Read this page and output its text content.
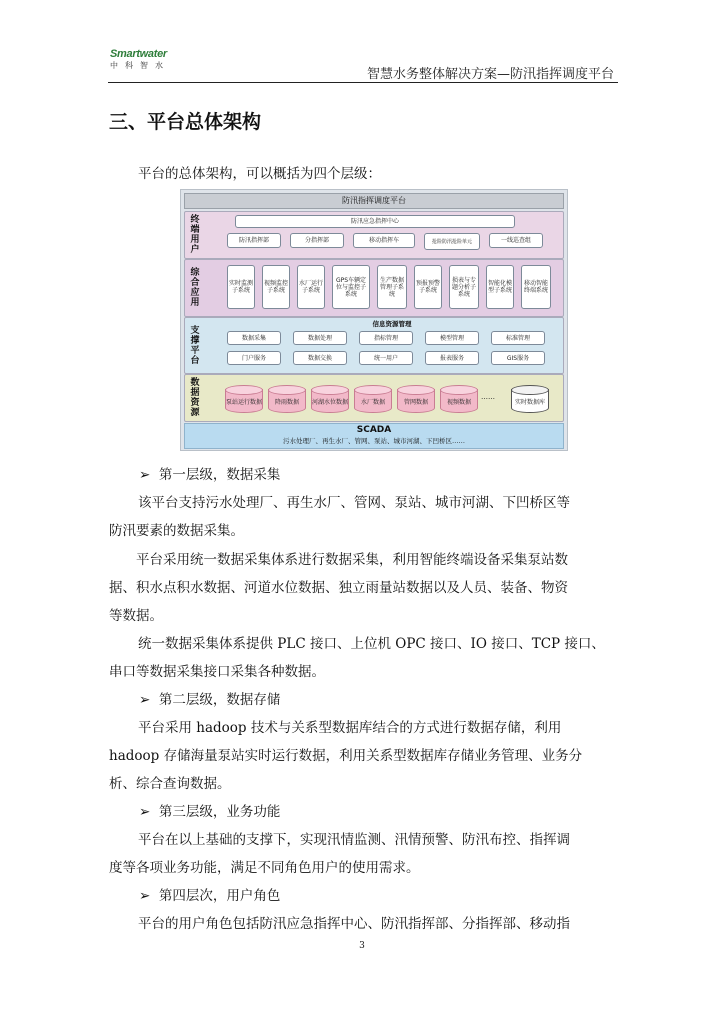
Smartwater
中科智水
智慧水务整体解决方案—防汛指挥调度平台
三、平台总体架构
平台的总体架构，可以概括为四个层级：
防汛指挥调度平台
终
端
用
户
防汛应急指挥中心
防汛指挥部	分指挥部	移动指挥车	抢险防汛抢险单元	一线巡查组
综
合
应
用
实时监测子系统
视频监控子系统
水厂运行子系统
GPS车辆定位与监控子系统
生产数据管理子系统
预报预警子系统
损表与专题分析子系统
智能化模型子系统
移动智能终端系统
支
撑
平
台
信息资源管理
数据采集	数据处理	指标管理	模型管理	标准管理
门户服务	数据交换	统一用户	报表服务	GIS服务
数
据
资
源
泵站运行数据	降雨数据	河湖水位数据	水厂数据	管网数据	视频数据
……
实时数据库
SCADA
污水处理厂、再生水厂、管网、泵站、城市河湖、下凹桥区……
➢ 第一层级，数据采集
该平台支持污水处理厂、再生水厂、管网、泵站、城市河湖、下凹桥区等
防汛要素的数据采集。
平台采用统一数据采集体系进行数据采集，利用智能终端设备采集泵站数
据、积水点积水数据、河道水位数据、独立雨量站数据以及人员、装备、物资
等数据。
统一数据采集体系提供 PLC 接口、上位机 OPC 接口、IO 接口、TCP 接口、
串口等数据采集接口采集各种数据。
➢ 第二层级，数据存储
平台采用 hadoop 技术与关系型数据库结合的方式进行数据存储，利用
hadoop 存储海量泵站实时运行数据，利用关系型数据库存储业务管理、业务分
析、综合查询数据。
➢ 第三层级，业务功能
平台在以上基础的支撑下，实现汛情监测、汛情预警、防汛布控、指挥调
度等各项业务功能，满足不同角色用户的使用需求。
➢ 第四层次，用户角色
平台的用户角色包括防汛应急指挥中心、防汛指挥部、分指挥部、移动指
3
